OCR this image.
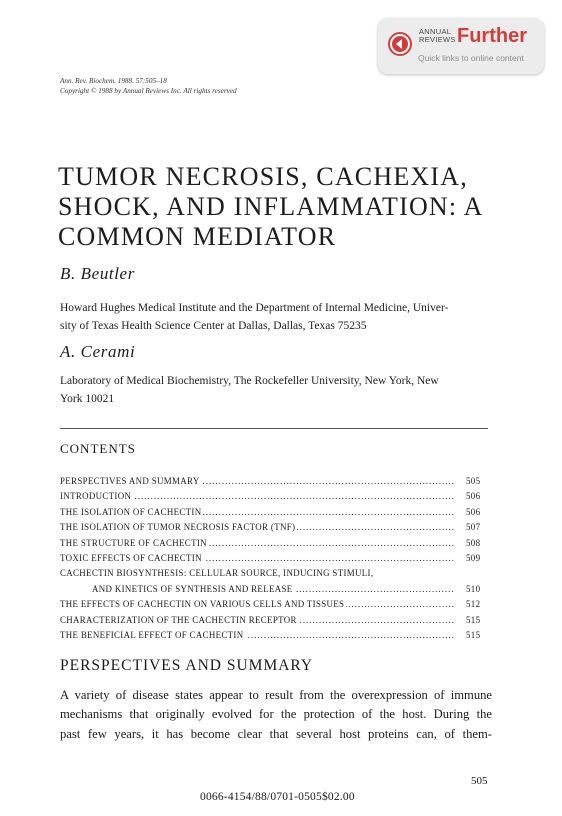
ANNUAL
REVIEWS Further
Quick links to online content
Ann. Rev. Biochem. 1988. 57:505–18
Copyright © 1988 by Annual Reviews Inc. All rights reserved
TUMOR NECROSIS, CACHEXIA,
SHOCK, AND INFLAMMATION: A
COMMON MEDIATOR
B. Beutler
Howard Hughes Medical Institute and the Department of Internal Medicine, Univer-
sity of Texas Health Science Center at Dallas, Dallas, Texas 75235
A. Cerami
Laboratory of Medical Biochemistry, The Rockefeller University, New York, New
York 10021
CONTENTS
. . .
PERSPECTIVES AND SUMMARY	505
. . .
INTRODUCTION	506
. . .
THE ISOLATION OF CACHECTIN	506
. . .
THE ISOLATION OF TUMOR NECROSIS FACTOR (TNF)	507
. . .
THE STRUCTURE OF CACHECTIN	508
. . .
TOXIC EFFECTS OF CACHECTIN	509
CACHECTIN BIOSYNTHESIS: CELLULAR SOURCE, INDUCING STIMULI,
. . .
AND KINETICS OF SYNTHESIS AND RELEASE	510
. . .
THE EFFECTS OF CACHECTIN ON VARIOUS CELLS AND TISSUES	512
. . .
CHARACTERIZATION OF THE CACHECTIN RECEPTOR	515
. . .
THE BENEFICIAL EFFECT OF CACHECTIN	515
PERSPECTIVES AND SUMMARY
A variety of disease states appear to result from the overexpression of immune
mechanisms that originally evolved for the protection of the host. During the
past few years, it has become clear that several host proteins can, of them-
505
0066-4154/88/0701-0505$02.00
